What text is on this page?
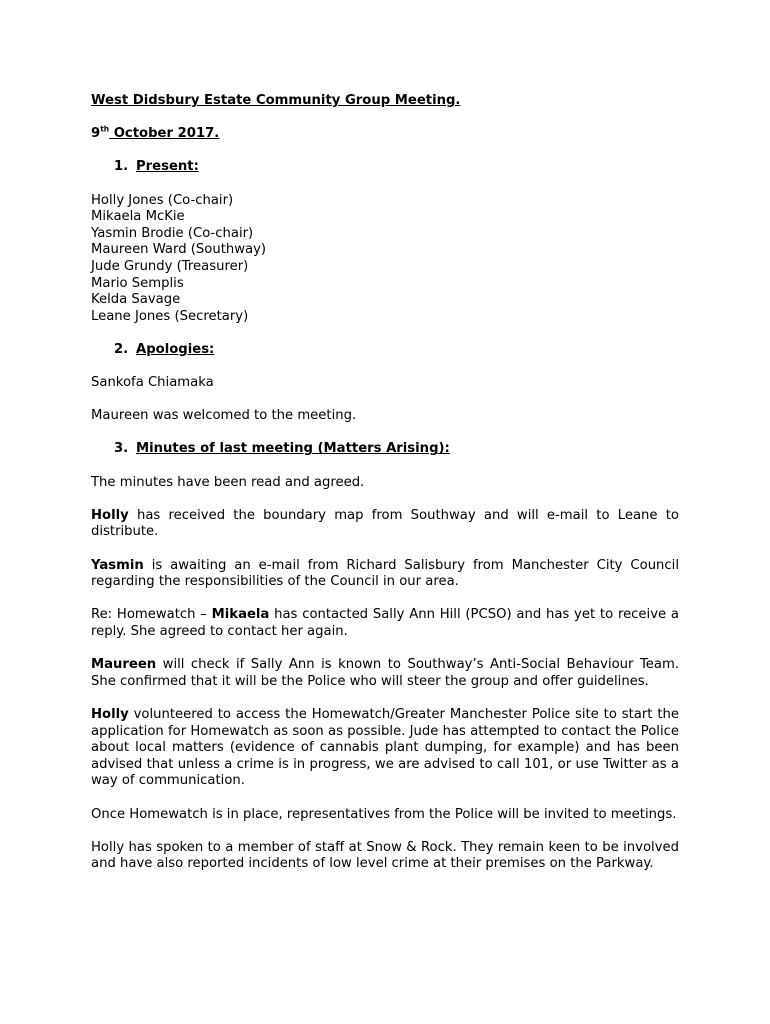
West Didsbury Estate Community Group Meeting.
9th October 2017.
1. Present:
Holly Jones (Co-chair)
Mikaela McKie
Yasmin Brodie (Co-chair)
Maureen Ward (Southway)
Jude Grundy (Treasurer)
Mario Semplis
Kelda Savage
Leane Jones (Secretary)
2. Apologies:
Sankofa Chiamaka
Maureen was welcomed to the meeting.
3. Minutes of last meeting (Matters Arising):
The minutes have been read and agreed.
Holly has received the boundary map from Southway and will e-mail to Leane to distribute.
Yasmin is awaiting an e-mail from Richard Salisbury from Manchester City Council regarding the responsibilities of the Council in our area.
Re: Homewatch – Mikaela has contacted Sally Ann Hill (PCSO) and has yet to receive a reply. She agreed to contact her again.
Maureen will check if Sally Ann is known to Southway’s Anti-Social Behaviour Team. She confirmed that it will be the Police who will steer the group and offer guidelines.
Holly volunteered to access the Homewatch/Greater Manchester Police site to start the application for Homewatch as soon as possible. Jude has attempted to contact the Police about local matters (evidence of cannabis plant dumping, for example) and has been advised that unless a crime is in progress, we are advised to call 101, or use Twitter as a way of communication.
Once Homewatch is in place, representatives from the Police will be invited to meetings.
Holly has spoken to a member of staff at Snow & Rock. They remain keen to be involved and have also reported incidents of low level crime at their premises on the Parkway.
